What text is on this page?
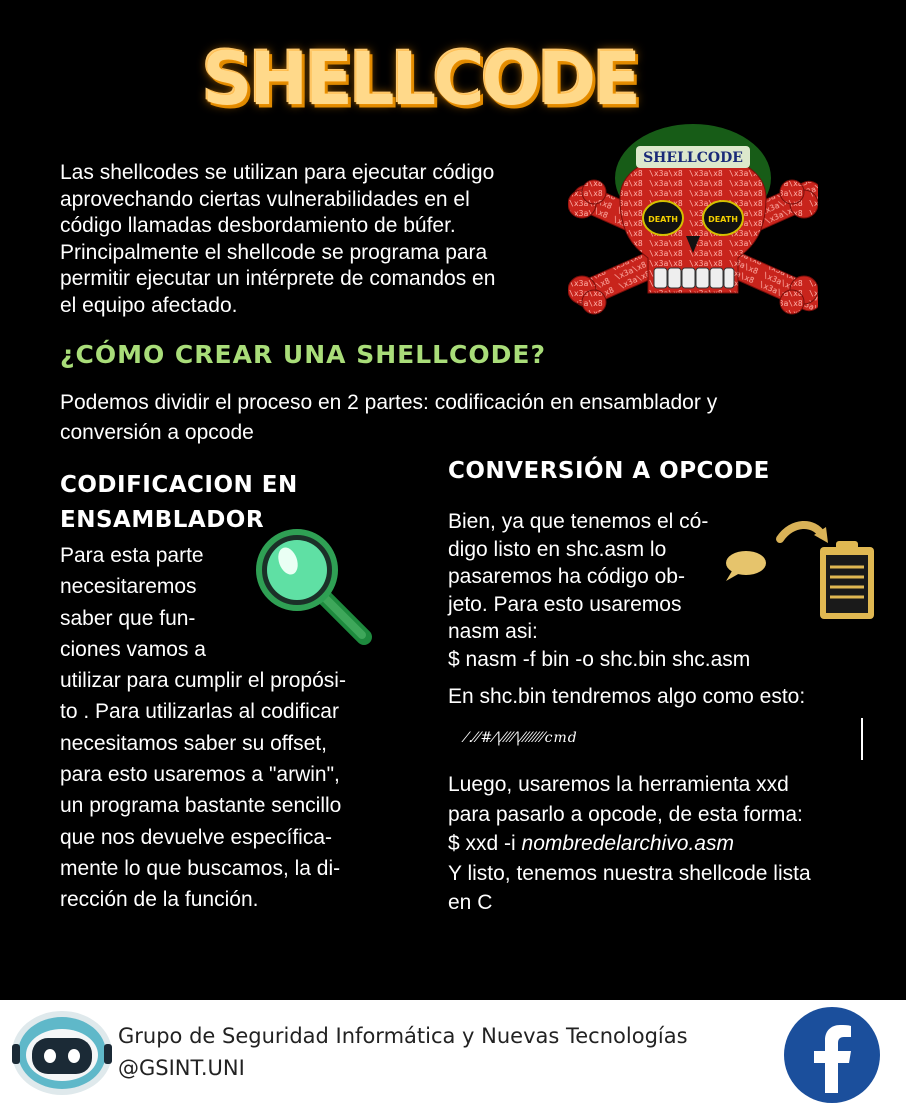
SHELLCODE
Las shellcodes se utilizan para ejecutar código
aprovechando ciertas vulnerabilidades en el
código llamadas desbordamiento de búfer.
Principalmente el shellcode se programa para
permitir ejecutar un intérprete de comandos en
el equipo afectado.
SHELLCODE
DEATH	DEATH
¿CÓMO CREAR UNA SHELLCODE?
Podemos dividir el proceso en 2 partes: codificación en ensamblador y
conversión a opcode
CODIFICACION EN
ENSAMBLADOR
Para esta parte
necesitaremos
saber que fun-
ciones vamos a
utilizar para cumplir el propósi-
to . Para utilizarlas al codificar
necesitamos saber su offset,
para esto usaremos a "arwin",
un programa bastante sencillo
que nos devuelve específica-
mente lo que buscamos, la di-
rección de la función.
CONVERSIÓN A OPCODE
Bien, ya que tenemos el có-
digo listo en shc.asm lo
pasaremos ha código ob-
jeto. Para esto usaremos
nasm asi:
$ nasm -f bin -o shc.bin shc.asm
En shc.bin tendremos algo como esto:
⁄.⁄⁄#⁄|⁄⁄⁄⁄|⁄⁄⁄⁄⁄⁄⁄cmd
Luego, usaremos la herramienta xxd
para pasarlo a opcode, de esta forma:
$ xxd -i nombredelarchivo.asm
Y listo, tenemos nuestra shellcode lista
en C
Grupo de Seguridad Informática y Nuevas Tecnologías
@GSINT.UNI
